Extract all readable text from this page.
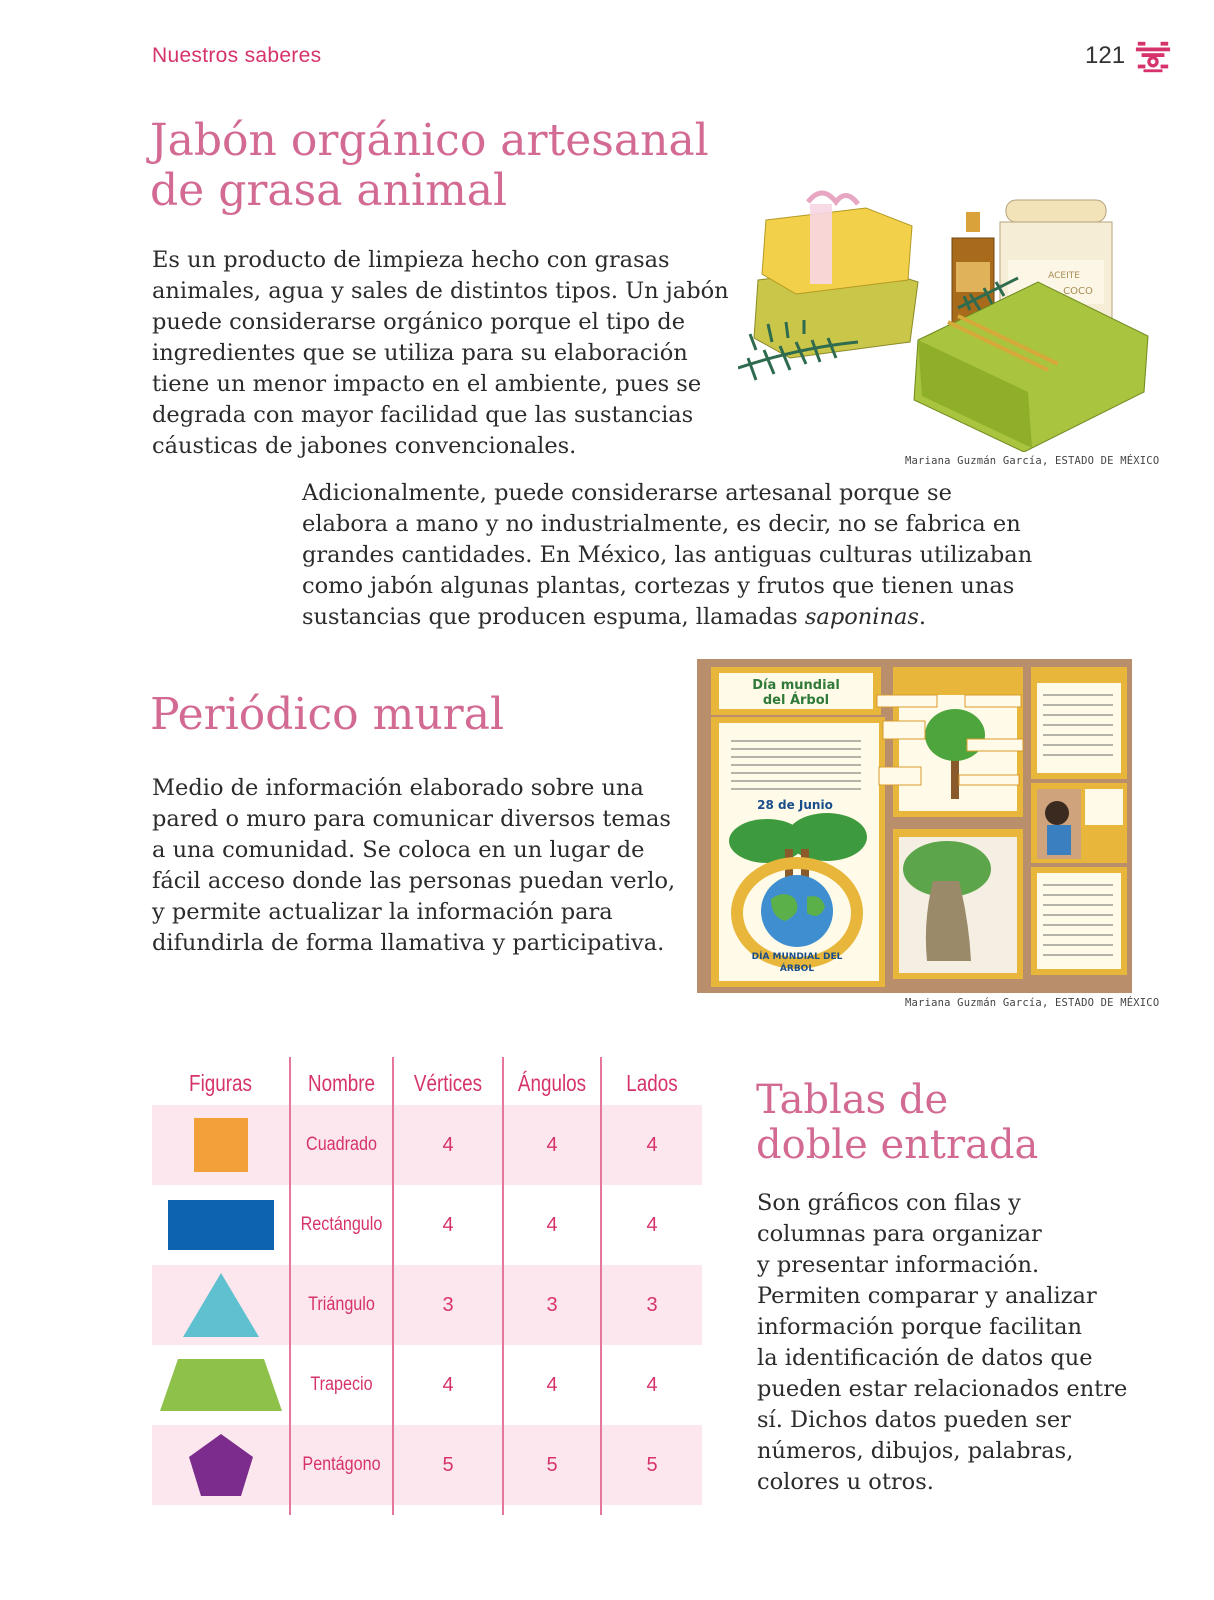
Nuestros saberes	121
Jabón orgánico artesanal
de grasa animal
Es un producto de limpieza hecho con grasas
animales, agua y sales de distintos tipos. Un jabón
puede considerarse orgánico porque el tipo de
ingredientes que se utiliza para su elaboración
tiene un menor impacto en el ambiente, pues se
degrada con mayor facilidad que las sustancias
cáusticas de jabones convencionales.
ACEITE
COCO
Mariana Guzmán García, ESTADO DE MÉXICO
Adicionalmente, puede considerarse artesanal porque se
elabora a mano y no industrialmente, es decir, no se fabrica en
grandes cantidades. En México, las antiguas culturas utilizaban
como jabón algunas plantas, cortezas y frutos que tienen unas
sustancias que producen espuma, llamadas saponinas.
Periódico mural
Medio de información elaborado sobre una
pared o muro para comunicar diversos temas
a una comunidad. Se coloca en un lugar de
fácil acceso donde las personas puedan verlo,
y permite actualizar la información para
difundirla de forma llamativa y participativa.
Día mundial
del Árbol
28 de Junio
DÍA MUNDIAL DEL
ÁRBOL
Mariana Guzmán García, ESTADO DE MÉXICO
Figuras	Nombre	Vértices	Ángulos	Lados
Cuadrado	4	4	4
Rectángulo	4	4	4
Triángulo	3	3	3
Trapecio	4	4	4
Pentágono	5	5	5
Tablas de
doble entrada
Son gráficos con filas y
columnas para organizar
y presentar información.
Permiten comparar y analizar
información porque facilitan
la identificación de datos que
pueden estar relacionados entre
sí. Dichos datos pueden ser
números, dibujos, palabras,
colores u otros.
